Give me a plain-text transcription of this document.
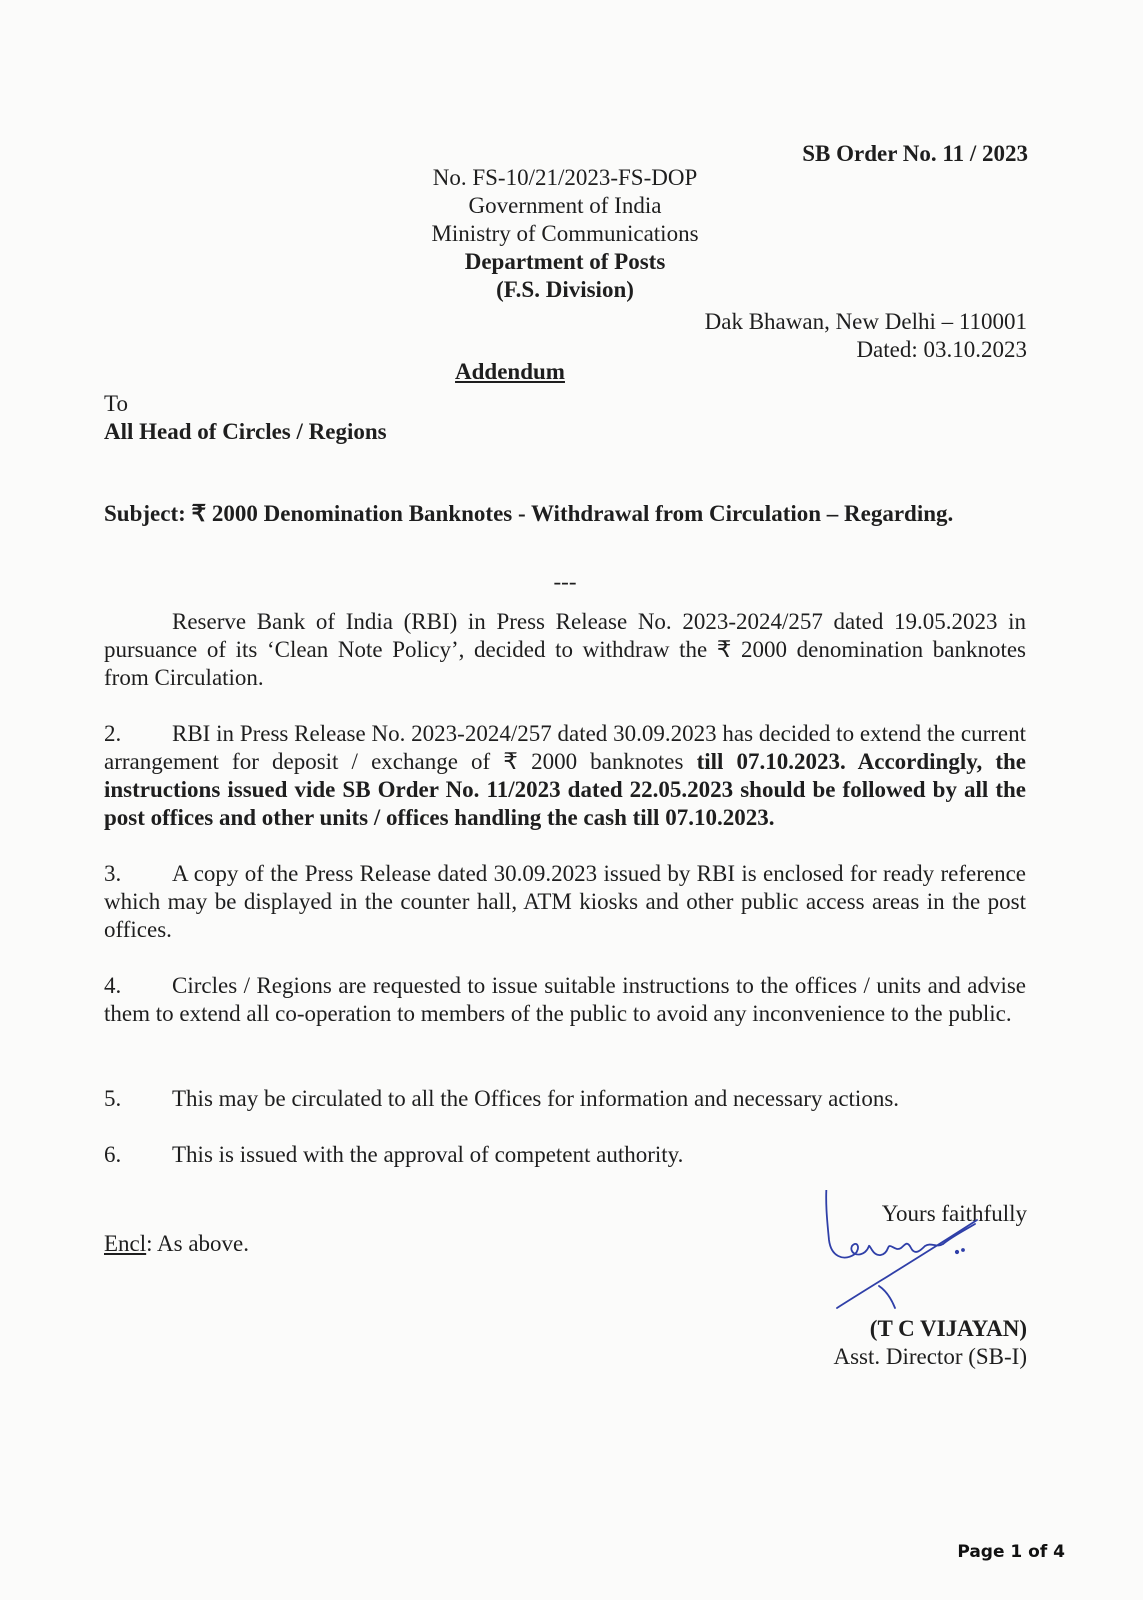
SB Order No. 11 / 2023
No. FS-10/21/2023-FS-DOP
Government of India
Ministry of Communications
Department of Posts
(F.S. Division)
Dak Bhawan, New Delhi – 110001
Dated: 03.10.2023
Addendum
To
All Head of Circles / Regions
Subject: ₹ 2000 Denomination Banknotes - Withdrawal from Circulation – Regarding.
---

Reserve Bank of India (RBI) in Press Release No. 2023-2024/257 dated 19.05.2023 in pursuance of its ‘Clean Note Policy’, decided to withdraw the ₹ 2000 denomination banknotes from Circulation.

2. RBI in Press Release No. 2023-2024/257 dated 30.09.2023 has decided to extend the current arrangement for deposit / exchange of ₹ 2000 banknotes till 07.10.2023. Accordingly, the instructions issued vide SB Order No. 11/2023 dated 22.05.2023 should be followed by all the post offices and other units / offices handling the cash till 07.10.2023.

3. A copy of the Press Release dated 30.09.2023 issued by RBI is enclosed for ready reference which may be displayed in the counter hall, ATM kiosks and other public access areas in the post offices.

4. Circles / Regions are requested to issue suitable instructions to the offices / units and advise them to extend all co-operation to members of the public to avoid any inconvenience to the public.

5. This may be circulated to all the Offices for information and necessary actions.

6. This is issued with the approval of competent authority.

Encl: As above.
Yours faithfully
(T C VIJAYAN)
Asst. Director (SB-I)
Page 1 of 4
